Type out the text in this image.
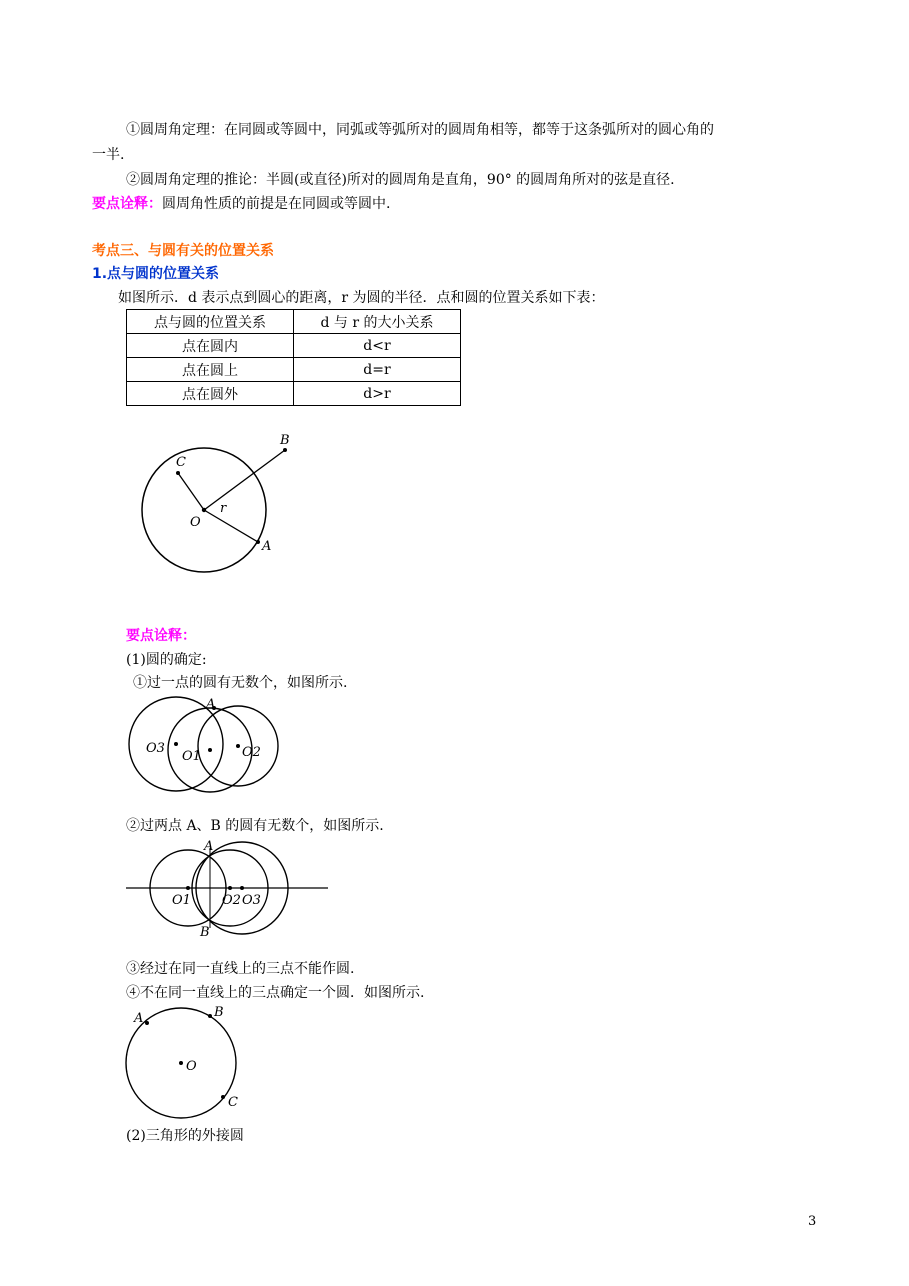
①圆周角定理：在同圆或等圆中，同弧或等弧所对的圆周角相等，都等于这条弧所对的圆心角的
一半.
②圆周角定理的推论：半圆(或直径)所对的圆周角是直角，90° 的圆周角所对的弦是直径.
要点诠释：圆周角性质的前提是在同圆或等圆中.
考点三、与圆有关的位置关系
1.点与圆的位置关系
如图所示．d 表示点到圆心的距离，r 为圆的半径．点和圆的位置关系如下表：
点与圆的位置关系	d 与 r 的大小关系
点在圆内	d<r
点在圆上	d=r
点在圆外	d>r
B
C
O
r
A
要点诠释：
(1)圆的确定:
①过一点的圆有无数个，如图所示.
A
O3
O1	O2
②过两点 A、B 的圆有无数个，如图所示.
A
B
O1 O2 O3
③经过在同一直线上的三点不能作圆.
④不在同一直线上的三点确定一个圆．如图所示.
A	B
O
C
(2)三角形的外接圆
3
